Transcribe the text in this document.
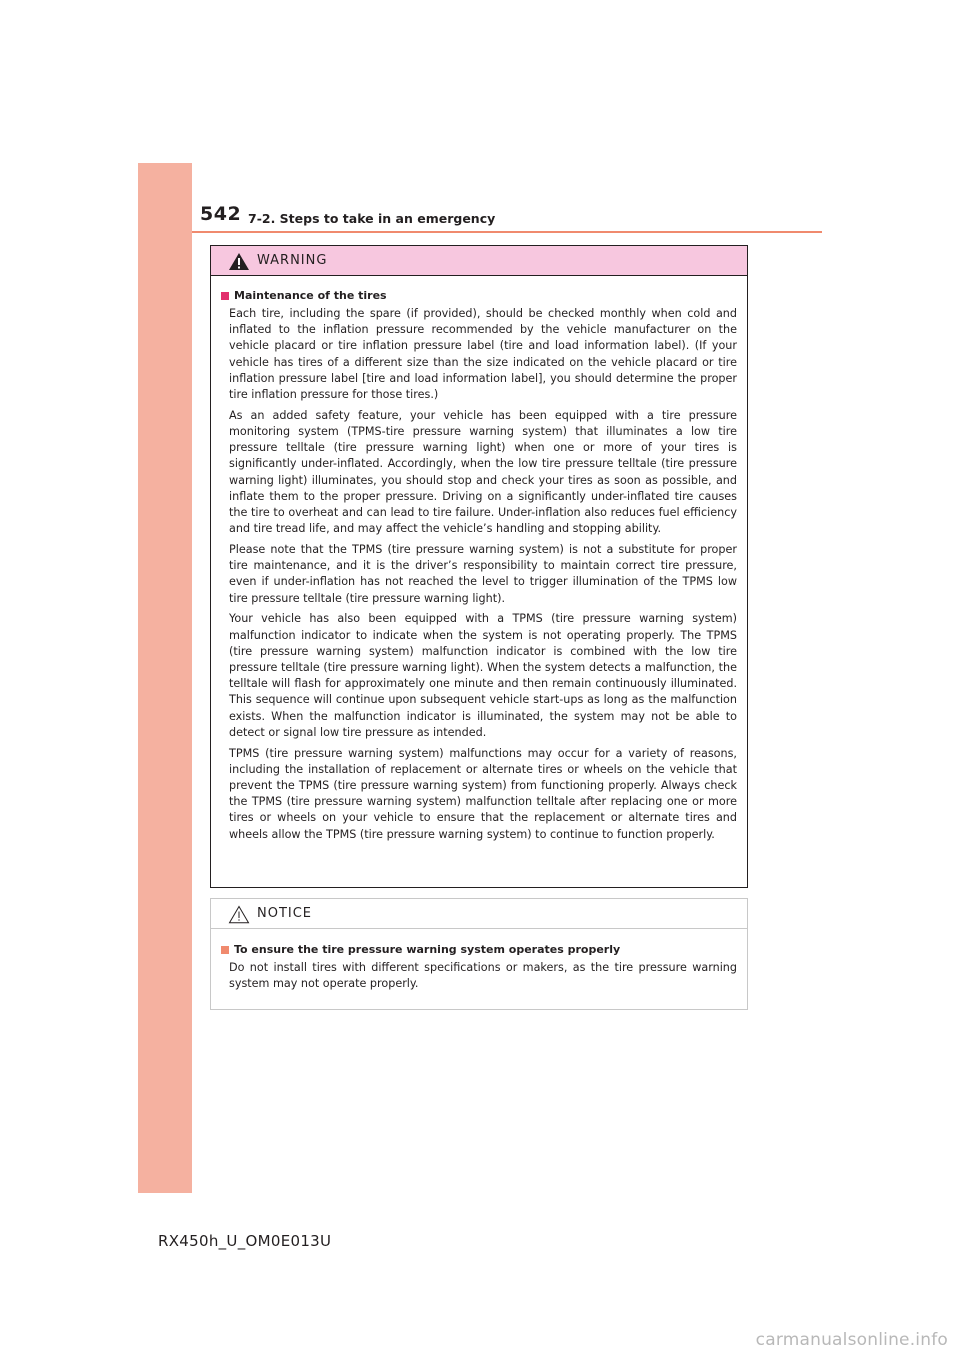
542 7-2. Steps to take in an emergency
WARNING
Maintenance of the tires

Each tire, including the spare (if provided), should be checked monthly when cold and inflated to the inflation pressure recommended by the vehicle manufacturer on the vehicle placard or tire inflation pressure label (tire and load information label). (If your vehicle has tires of a different size than the size indicated on the vehicle placard or tire inflation pressure label [tire and load information label], you should determine the proper tire inflation pressure for those tires.)

As an added safety feature, your vehicle has been equipped with a tire pressure monitoring system (TPMS-tire pressure warning system) that illuminates a low tire pressure telltale (tire pressure warning light) when one or more of your tires is significantly under-inflated. Accordingly, when the low tire pressure telltale (tire pressure warning light) illuminates, you should stop and check your tires as soon as possible, and inflate them to the proper pressure. Driving on a significantly under-inflated tire causes the tire to overheat and can lead to tire failure. Under-inflation also reduces fuel efficiency and tire tread life, and may affect the vehicle’s handling and stopping ability.

Please note that the TPMS (tire pressure warning system) is not a substitute for proper tire maintenance, and it is the driver’s responsibility to maintain correct tire pressure, even if under-inflation has not reached the level to trigger illumination of the TPMS low tire pressure telltale (tire pressure warning light).

Your vehicle has also been equipped with a TPMS (tire pressure warning system) malfunction indicator to indicate when the system is not operating properly. The TPMS (tire pressure warning system) malfunction indicator is combined with the low tire pressure telltale (tire pressure warning light). When the system detects a malfunction, the telltale will flash for approximately one minute and then remain continuously illuminated. This sequence will continue upon subsequent vehicle start-ups as long as the malfunction exists. When the malfunction indicator is illuminated, the system may not be able to detect or signal low tire pressure as intended.

TPMS (tire pressure warning system) malfunctions may occur for a variety of reasons, including the installation of replacement or alternate tires or wheels on the vehicle that prevent the TPMS (tire pressure warning system) from functioning properly. Always check the TPMS (tire pressure warning system) malfunction telltale after replacing one or more tires or wheels on your vehicle to ensure that the replacement or alternate tires and wheels allow the TPMS (tire pressure warning system) to continue to function properly.

NOTICE
To ensure the tire pressure warning system operates properly

Do not install tires with different specifications or makers, as the tire pressure warning system may not operate properly.

RX450h_U_OM0E013U
carmanualsonline.info
